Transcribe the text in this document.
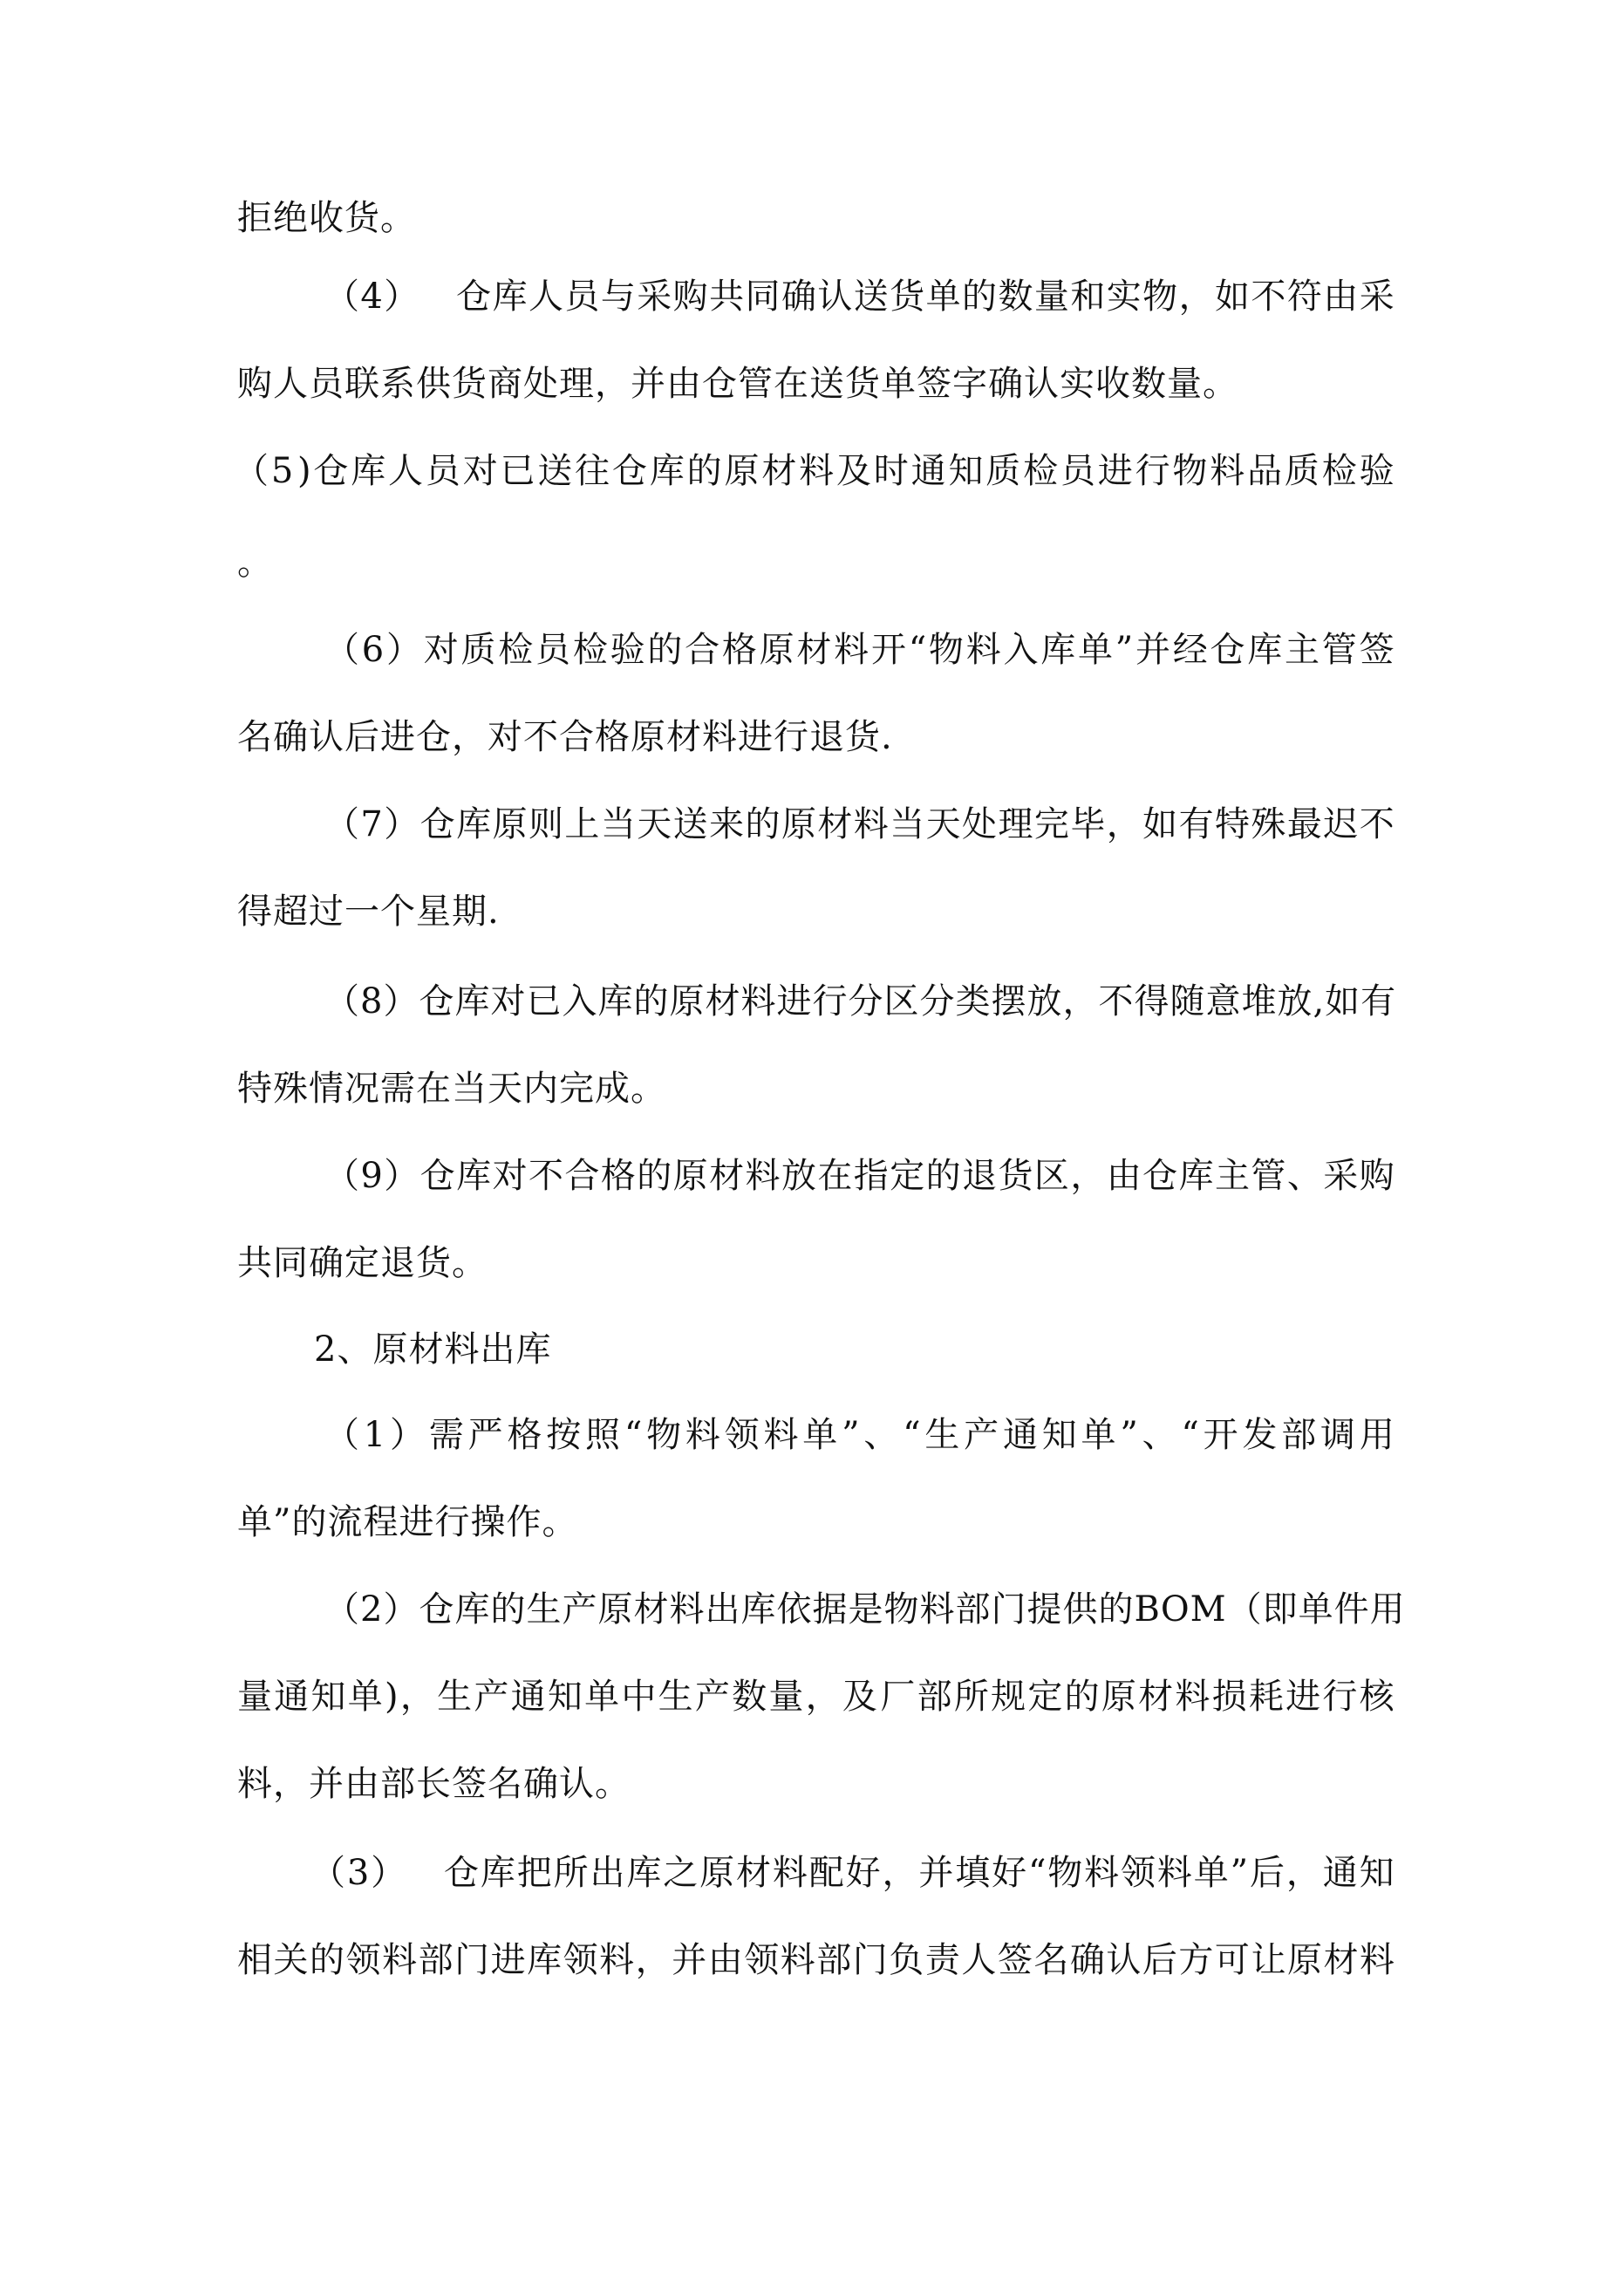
拒绝收货。
（ 4 ）
　 仓 库 人 员 与 采 购 共 同 确 认 送 货 单 的 数 量 和 实 物 ， 如 不 符 由 采
购人员联系供货商处理，并由仓管在送货单签字确认实收数量。
（ 5 ) 仓 库 人 员 对 已 送 往 仓 库 的 原 材 料 及 时 通 知 质 检 员 进 行 物 料 品 质 检 验
。
（ 6 ） 对 质 检 员 检 验 的 合 格 原 材 料 开 “ 物 料 入 库 单 ” 并 经 仓 库 主 管 签
名确认后进仓，对不合格原材料进行退货.
（ 7 ） 仓 库 原 则 上 当 天 送 来 的 原 材 料 当 天 处 理 完 毕 ， 如 有 特 殊 最 迟 不
得超过一个星期.
（ 8 ） 仓 库 对 已 入 库 的 原 材 料 进 行 分 区 分 类 摆 放 ， 不 得 随 意 堆 放 , 如 有
特殊情况需在当天内完成。
（ 9 ） 仓 库 对 不 合 格 的 原 材 料 放 在 指 定 的 退 货 区 ， 由 仓 库 主 管 、 采 购
共同确定退货。
2、原材料出库
（ 1 ） 需 严 格 按 照 “ 物 料 领 料 单 ” 、 “ 生 产 通 知 单 ” 、 “ 开 发 部 调 用
单”的流程进行操作。
（ 2 ） 仓 库 的 生 产 原 材 料 出 库 依 据 是 物 料 部 门 提 供 的 B O M （ 即 单 件 用
量 通 知 单 ) ， 生 产 通 知 单 中 生 产 数 量 ， 及 厂 部 所 规 定 的 原 材 料 损 耗 进 行 核
料，并由部长签名确认。
（ 3 ）
　 仓 库 把 所 出 库 之 原 材 料 配 好 ， 并 填 好 “ 物 料 领 料 单 ” 后 ， 通 知
相 关 的 领 料 部 门 进 库 领 料 ， 并 由 领 料 部 门 负 责 人 签 名 确 认 后 方 可 让 原 材 料
